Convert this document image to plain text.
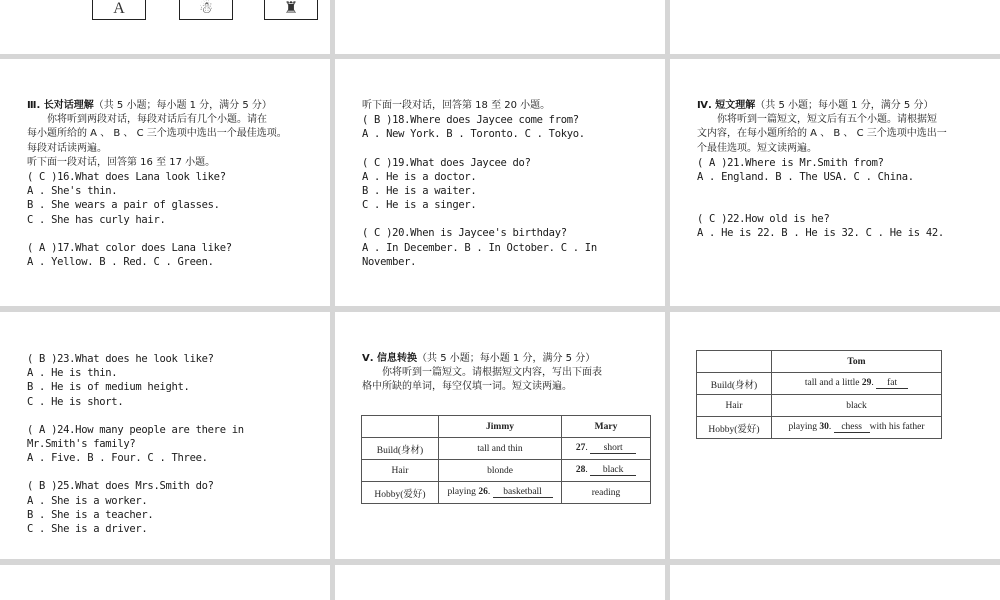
A	☃	♜
Ⅲ. 长对话理解（共 5 小题；每小题 1 分，满分 5 分）
你将听到两段对话，每段对话后有几个小题。请在
每小题所给的 A 、 B 、 C 三个选项中选出一个最佳选项。
每段对话读两遍。
听下面一段对话，回答第 16 至 17 小题。
( C )16.What does Lana look like?
A . She's thin.
B . She wears a pair of glasses.
C . She has curly hair.
( A )17.What color does Lana like?
A . Yellow. B . Red. C . Green.
听下面一段对话，回答第 18 至 20 小题。
( B )18.Where does Jaycee come from?
A . New York. B . Toronto. C . Tokyo.
( C )19.What does Jaycee do?
A . He is a doctor.
B . He is a waiter.
C . He is a singer.
( C )20.When is Jaycee's birthday?
A . In December. B . In October. C . In
November.
Ⅳ. 短文理解（共 5 小题；每小题 1 分，满分 5 分）
你将听到一篇短文，短文后有五个小题。请根据短
文内容，在每小题所给的 A 、 B 、 C 三个选项中选出一
个最佳选项。短文读两遍。
( A )21.Where is Mr.Smith from?
A . England. B . The USA. C . China.
( C )22.How old is he?
A . He is 22. B . He is 32. C . He is 42.
( B )23.What does he look like?
A . He is thin.
B . He is of medium height.
C . He is short.
( A )24.How many people are there in
Mr.Smith's family?
A . Five. B . Four. C . Three.
( B )25.What does Mrs.Smith do?
A . She is a worker.
B . She is a teacher.
C . She is a driver.
Ⅴ. 信息转换（共 5 小题；每小题 1 分，满分 5 分）
你将听到一篇短文。请根据短文内容，写出下面表
格中所缺的单词，每空仅填一词。短文读两遍。
	Jimmy	Mary
Build(身材)	tall and thin	27. short
Hair	blonde	28. black
Hobby(爱好)	playing 26. basketball	reading
	Tom
Build(身材)	tall and a little 29. fat
Hair	black
Hobby(爱好)	playing 30. chess with his father
